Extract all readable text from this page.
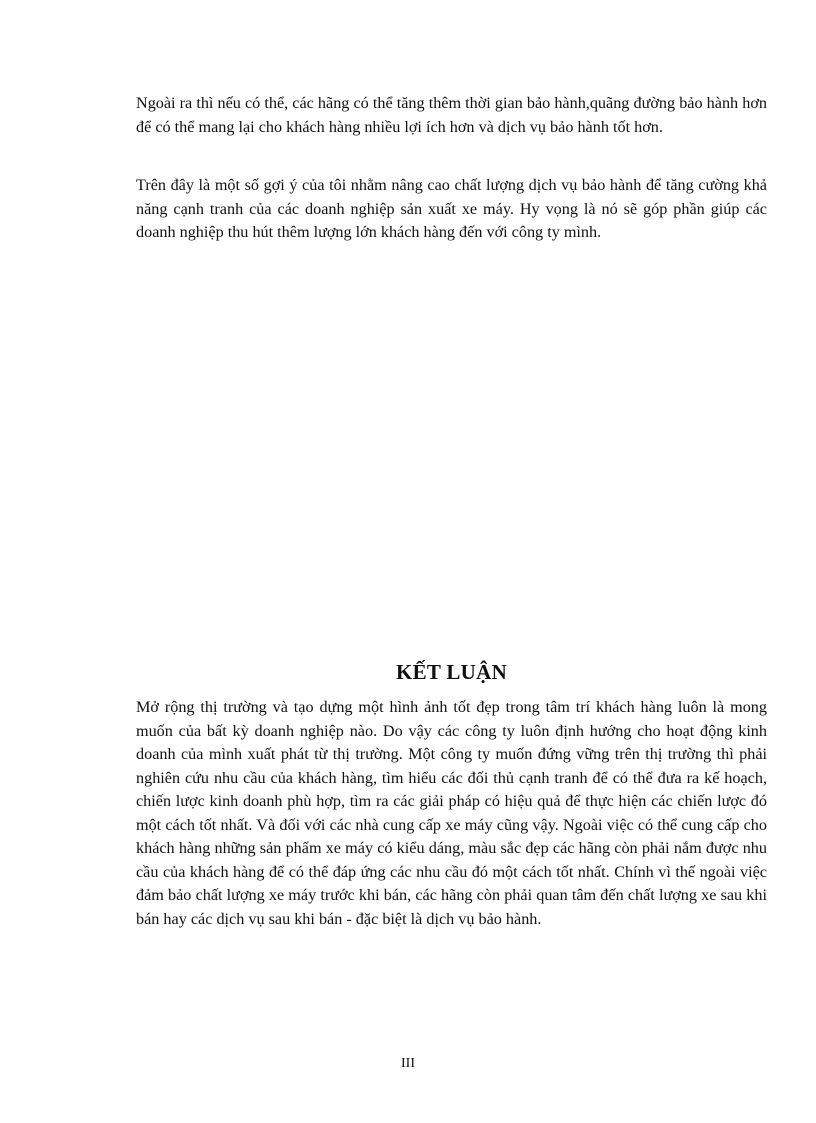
Ngoài ra thì nếu có thể, các hãng có thể tăng thêm thời gian bảo hành,quãng đường bảo hành hơn để có thể mang lại cho khách hàng nhiều lợi ích hơn và dịch vụ bảo hành tốt hơn.

Trên đây là một số gợi ý của tôi nhằm nâng cao chất lượng dịch vụ bảo hành để tăng cường khả năng cạnh tranh của các doanh nghiệp sản xuất xe máy. Hy vọng là nó sẽ góp phần giúp các doanh nghiệp thu hút thêm lượng lớn khách hàng đến với công ty mình.

KẾT LUẬN

Mở rộng thị trường và tạo dựng một hình ảnh tốt đẹp trong tâm trí khách hàng luôn là mong muốn của bất kỳ doanh nghiệp nào. Do vậy các công ty luôn định hướng cho hoạt động kinh doanh của mình xuất phát từ thị trường. Một công ty muốn đứng vững trên thị trường thì phải nghiên cứu nhu cầu của khách hàng, tìm hiểu các đối thủ cạnh tranh để có thể đưa ra kế hoạch, chiến lược kinh doanh phù hợp, tìm ra các giải pháp có hiệu quả để thực hiện các chiến lược đó một cách tốt nhất. Và đối với các nhà cung cấp xe máy cũng vậy. Ngoài việc có thể cung cấp cho khách hàng những sản phẩm xe máy có kiểu dáng, màu sắc đẹp các hãng còn phải nắm được nhu cầu của khách hàng để có thể đáp ứng các nhu cầu đó một cách tốt nhất. Chính vì thế ngoài việc đảm bảo chất lượng xe máy trước khi bán, các hãng còn phải quan tâm đến chất lượng xe sau khi bán hay các dịch vụ sau khi bán - đặc biệt là dịch vụ bảo hành.

III
